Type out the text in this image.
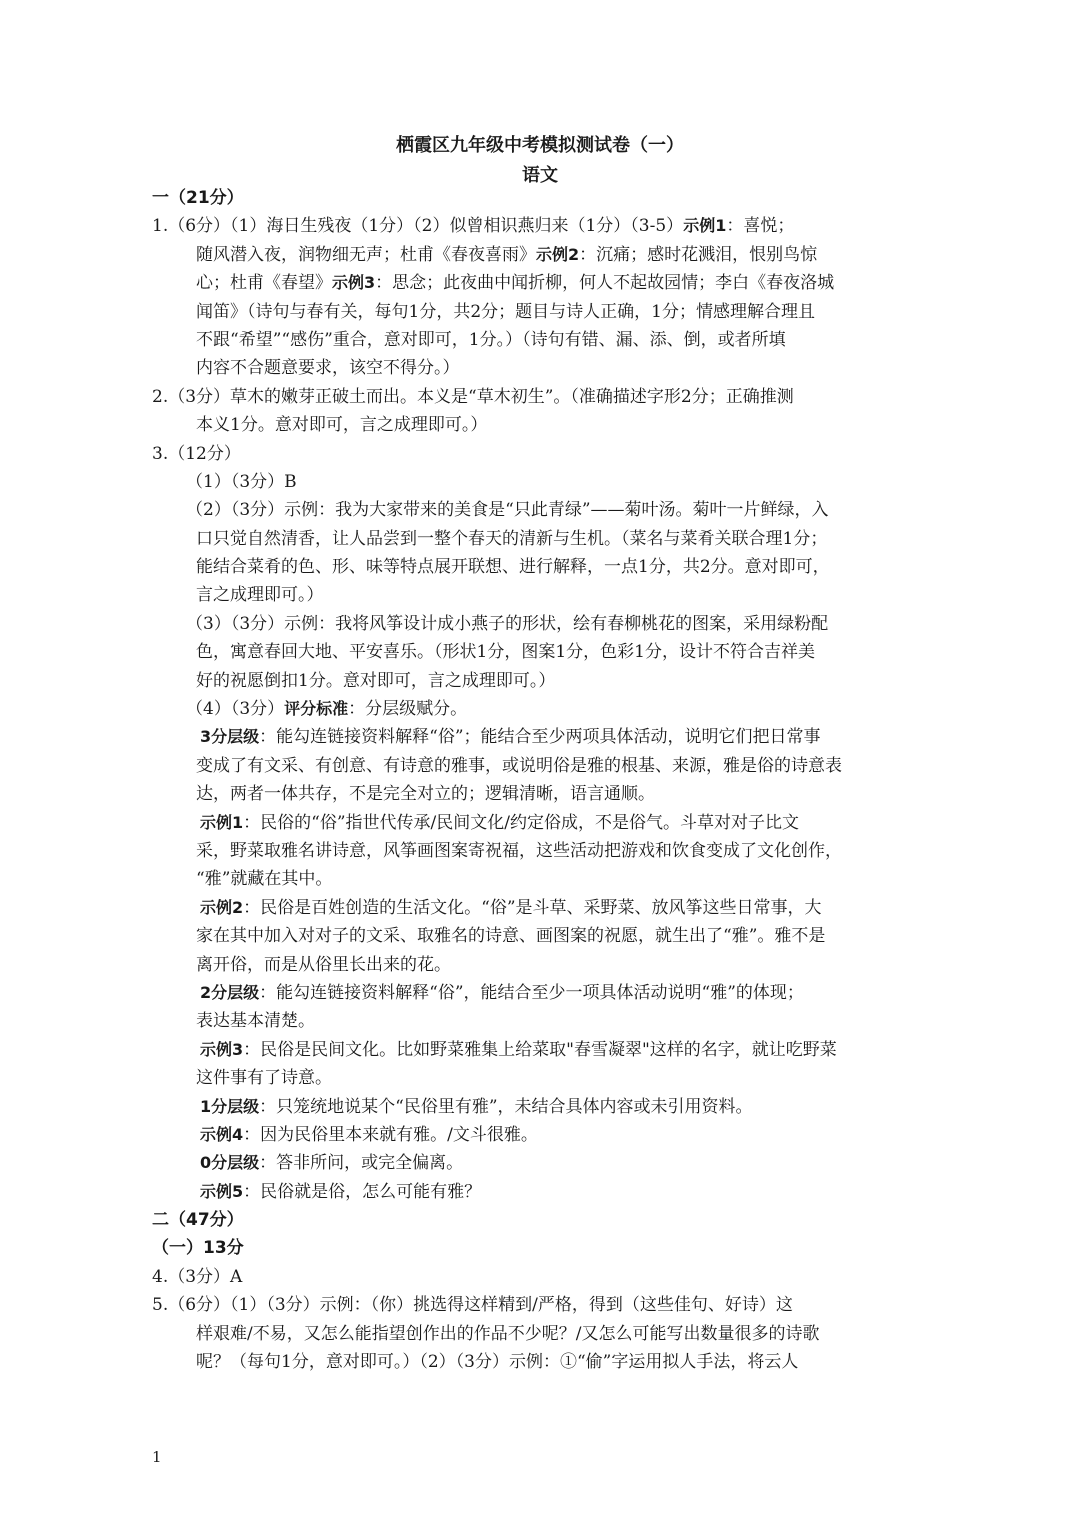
栖霞区九年级中考模拟测试卷（一）
语文
一（21分）
1.（6分）（1）海日生残夜（1分）（2）似曾相识燕归来（1分）（3-5）示例1：喜悦；
随风潜入夜，润物细无声；杜甫《春夜喜雨》示例2：沉痛；感时花溅泪，恨别鸟惊
心；杜甫《春望》示例3：思念；此夜曲中闻折柳，何人不起故园情；李白《春夜洛城
闻笛》（诗句与春有关，每句1分，共2分；题目与诗人正确，1分；情感理解合理且
不跟“希望”“感伤”重合，意对即可，1分。）（诗句有错、漏、添、倒，或者所填
内容不合题意要求，该空不得分。）
2.（3分）草木的嫩芽正破土而出。本义是“草木初生”。（准确描述字形2分；正确推测
本义1分。意对即可，言之成理即可。）
3.（12分）
（1）（3分）B
（2）（3分）示例：我为大家带来的美食是“只此青绿”——菊叶汤。菊叶一片鲜绿，入
口只觉自然清香，让人品尝到一整个春天的清新与生机。（菜名与菜肴关联合理1分；
能结合菜肴的色、形、味等特点展开联想、进行解释，一点1分，共2分。意对即可，
言之成理即可。）
（3）（3分）示例：我将风筝设计成小燕子的形状，绘有春柳桃花的图案，采用绿粉配
色，寓意春回大地、平安喜乐。（形状1分，图案1分，色彩1分，设计不符合吉祥美
好的祝愿倒扣1分。意对即可，言之成理即可。）
（4）（3分）评分标准：分层级赋分。
3分层级：能勾连链接资料解释“俗”；能结合至少两项具体活动，说明它们把日常事
变成了有文采、有创意、有诗意的雅事，或说明俗是雅的根基、来源，雅是俗的诗意表
达，两者一体共存，不是完全对立的；逻辑清晰，语言通顺。
示例1：民俗的“俗”指世代传承/民间文化/约定俗成，不是俗气。斗草对对子比文
采，野菜取雅名讲诗意，风筝画图案寄祝福，这些活动把游戏和饮食变成了文化创作，
“雅”就藏在其中。
示例2：民俗是百姓创造的生活文化。“俗”是斗草、采野菜、放风筝这些日常事，大
家在其中加入对对子的文采、取雅名的诗意、画图案的祝愿，就生出了“雅”。雅不是
离开俗，而是从俗里长出来的花。
2分层级：能勾连链接资料解释“俗”，能结合至少一项具体活动说明“雅”的体现；
表达基本清楚。
示例3：民俗是民间文化。比如野菜雅集上给菜取"春雪凝翠"这样的名字，就让吃野菜
这件事有了诗意。
1分层级：只笼统地说某个“民俗里有雅”，未结合具体内容或未引用资料。
示例4：因为民俗里本来就有雅。/文斗很雅。
0分层级：答非所问，或完全偏离。
示例5：民俗就是俗，怎么可能有雅？
二（47分）
（一）13分
4.（3分）A
5.（6分）（1）（3分）示例：（你）挑选得这样精到/严格，得到（这些佳句、好诗）这
样艰难/不易，又怎么能指望创作出的作品不少呢？/又怎么可能写出数量很多的诗歌
呢？（每句1分，意对即可。）（2）（3分）示例：①“偷”字运用拟人手法，将云人
1
